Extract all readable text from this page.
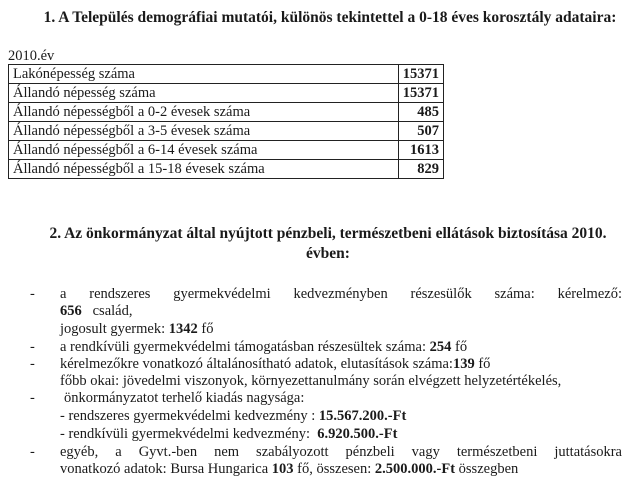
1. A Település demográfiai mutatói, különös tekintettel a 0-18 éves korosztály adataira:
2010.év
Lakónépesség száma	15371
Állandó népesség száma	15371
Állandó népességből a 0-2 évesek száma	485
Állandó népességből a 3-5 évesek száma	507
Állandó népességből a 6-14 évesek száma	1613
Állandó népességből a 15-18 évesek száma	829
2. Az önkormányzat által nyújtott pénzbeli, természetbeni ellátások biztosítása 2010. évben:
- a rendszeres gyermekvédelmi kedvezményben részesülők száma: kérelmező:
656 család,
jogosult gyermek: 1342 fő
- a rendkívüli gyermekvédelmi támogatásban részesültek száma: 254 fő
- kérelmezőkre vonatkozó általánosítható adatok, elutasítások száma:139 fő
főbb okai: jövedelmi viszonyok, környezettanulmány során elvégzett helyzetértékelés,
- önkormányzatot terhelő kiadás nagysága:
- rendszeres gyermekvédelmi kedvezmény : 15.567.200.-Ft
- rendkívüli gyermekvédelmi kedvezmény: 6.920.500.-Ft
- egyéb, a Gyvt.-ben nem szabályozott pénzbeli vagy természetbeni juttatásokra
vonatkozó adatok: Bursa Hungarica 103 fő, összesen: 2.500.000.-Ft összegben
